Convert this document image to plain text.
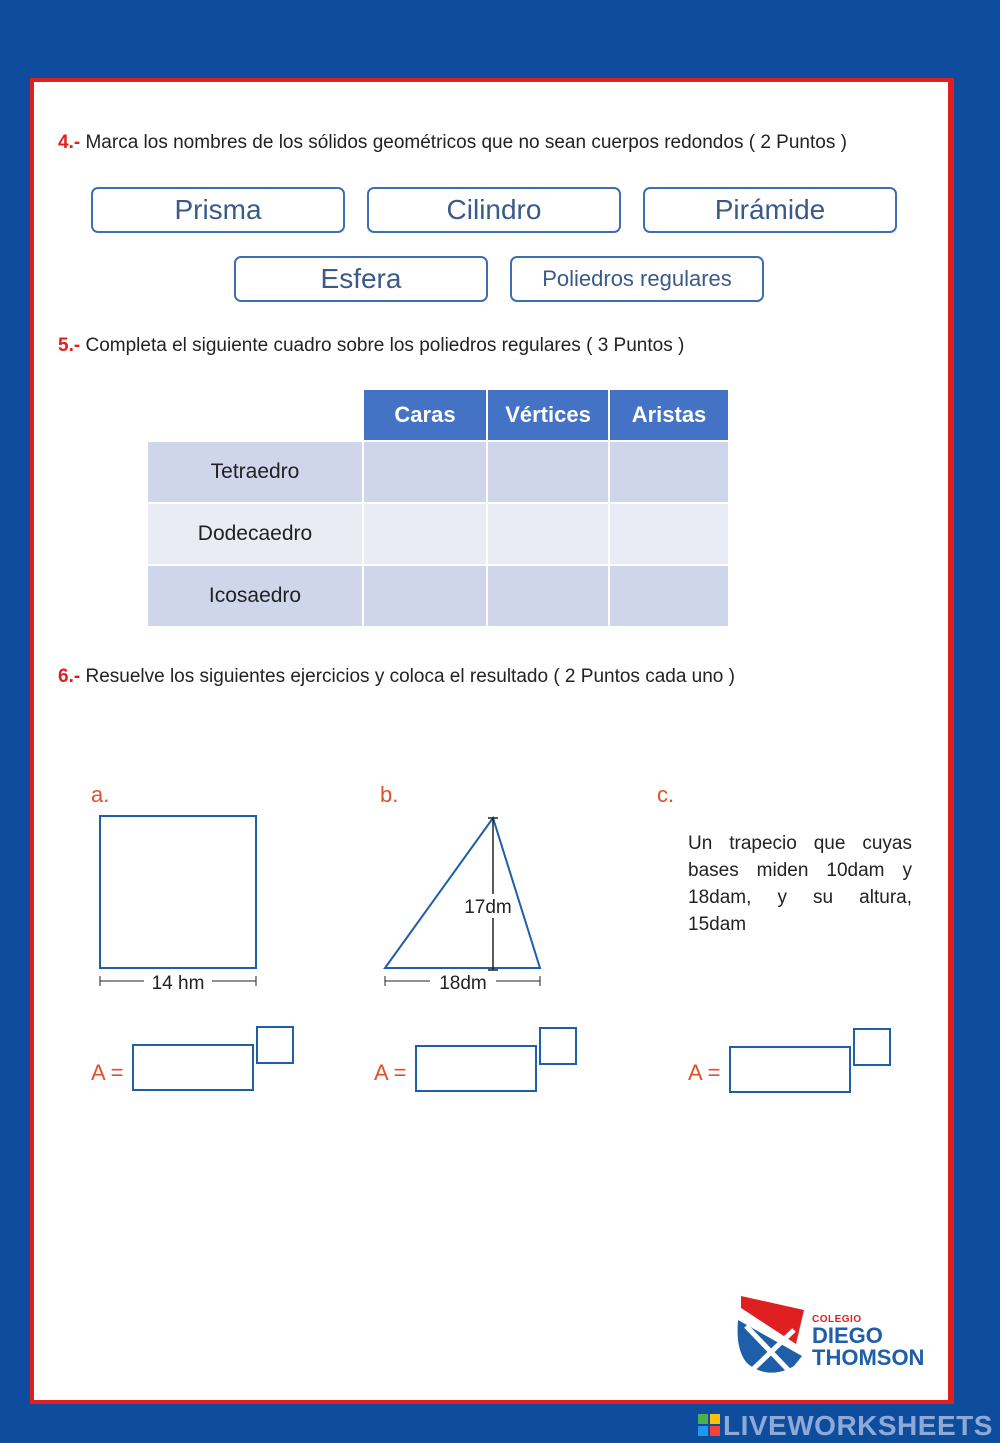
4.- Marca los nombres de los sólidos geométricos que no sean cuerpos redondos ( 2 Puntos )
Prisma	Cilindro	Pirámide
Esfera	Poliedros regulares
5.- Completa el siguiente cuadro sobre los poliedros regulares ( 3 Puntos )
	Caras	Vértices	Aristas
Tetraedro			
Dodecaedro			
Icosaedro			
6.- Resuelve los siguientes ejercicios y coloca el resultado ( 2 Puntos cada uno )
a.	b.	c.
14 hm
17dm
18dm
Un trapecio que cuyas bases miden 10dam y 18dam, y su altura, 15dam
A =	A =	A =
COLEGIO
DIEGO
THOMSON
LIVEWORKSHEETS
